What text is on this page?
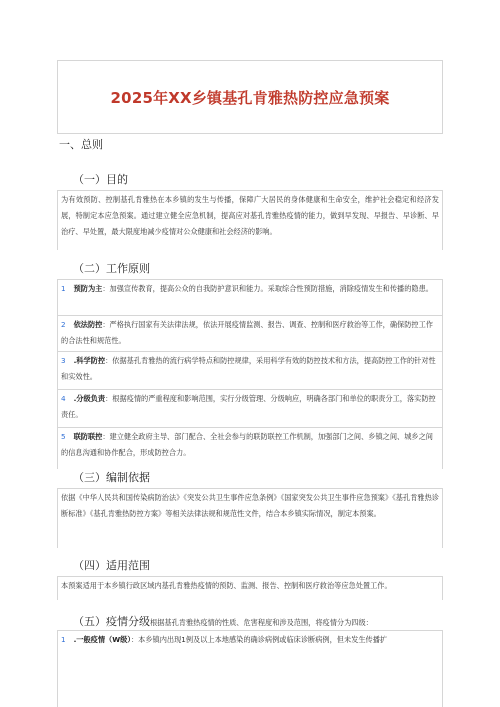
2025年XX乡镇基孔肯雅热防控应急预案
一、总则
（一）目的
为有效预防、控制基孔肯雅热在本乡镇的发生与传播，保障广大居民的身体健康和生命安全，维护社会稳定和经济发展，特制定本应急预案。通过建立健全应急机制，提高应对基孔肯雅热疫情的能力，做到早发现、早报告、早诊断、早治疗、早处置，最大限度地减少疫情对公众健康和社会经济的影响。
（二）工作原则
1 预防为主：加强宣传教育，提高公众的自我防护意识和能力。采取综合性预防措施，消除疫情发生和传播的隐患。
2 依法防控：严格执行国家有关法律法规，依法开展疫情监测、报告、调查、控制和医疗救治等工作，确保防控工作的合法性和规范性。
3 .科学防控：依据基孔肯雅热的流行病学特点和防控规律，采用科学有效的防控技术和方法，提高防控工作的针对性和实效性。
4 .分级负责：根据疫情的严重程度和影响范围，实行分级管理、分级响应，明确各部门和单位的职责分工，落实防控责任。
5 联防联控：建立健全政府主导、部门配合、全社会参与的联防联控工作机制，加强部门之间、乡镇之间、城乡之间的信息沟通和协作配合，形成防控合力。
（三）编制依据
依据《中华人民共和国传染病防治法》《突发公共卫生事件应急条例》《国家突发公共卫生事件应急预案》《基孔肯雅热诊断标准》《基孔肯雅热防控方案》等相关法律法规和规范性文件，结合本乡镇实际情况，制定本预案。
（四）适用范围
本预案适用于本乡镇行政区域内基孔肯雅热疫情的预防、监测、报告、控制和医疗救治等应急处置工作。
（五）疫情分级根据基孔肯雅热疫情的性质、危害程度和涉及范围，将疫情分为四级：
1 .一般疫情（W级）：本乡镇内出现1例及以上本地感染的确诊病例或临床诊断病例，但未发生传播扩
